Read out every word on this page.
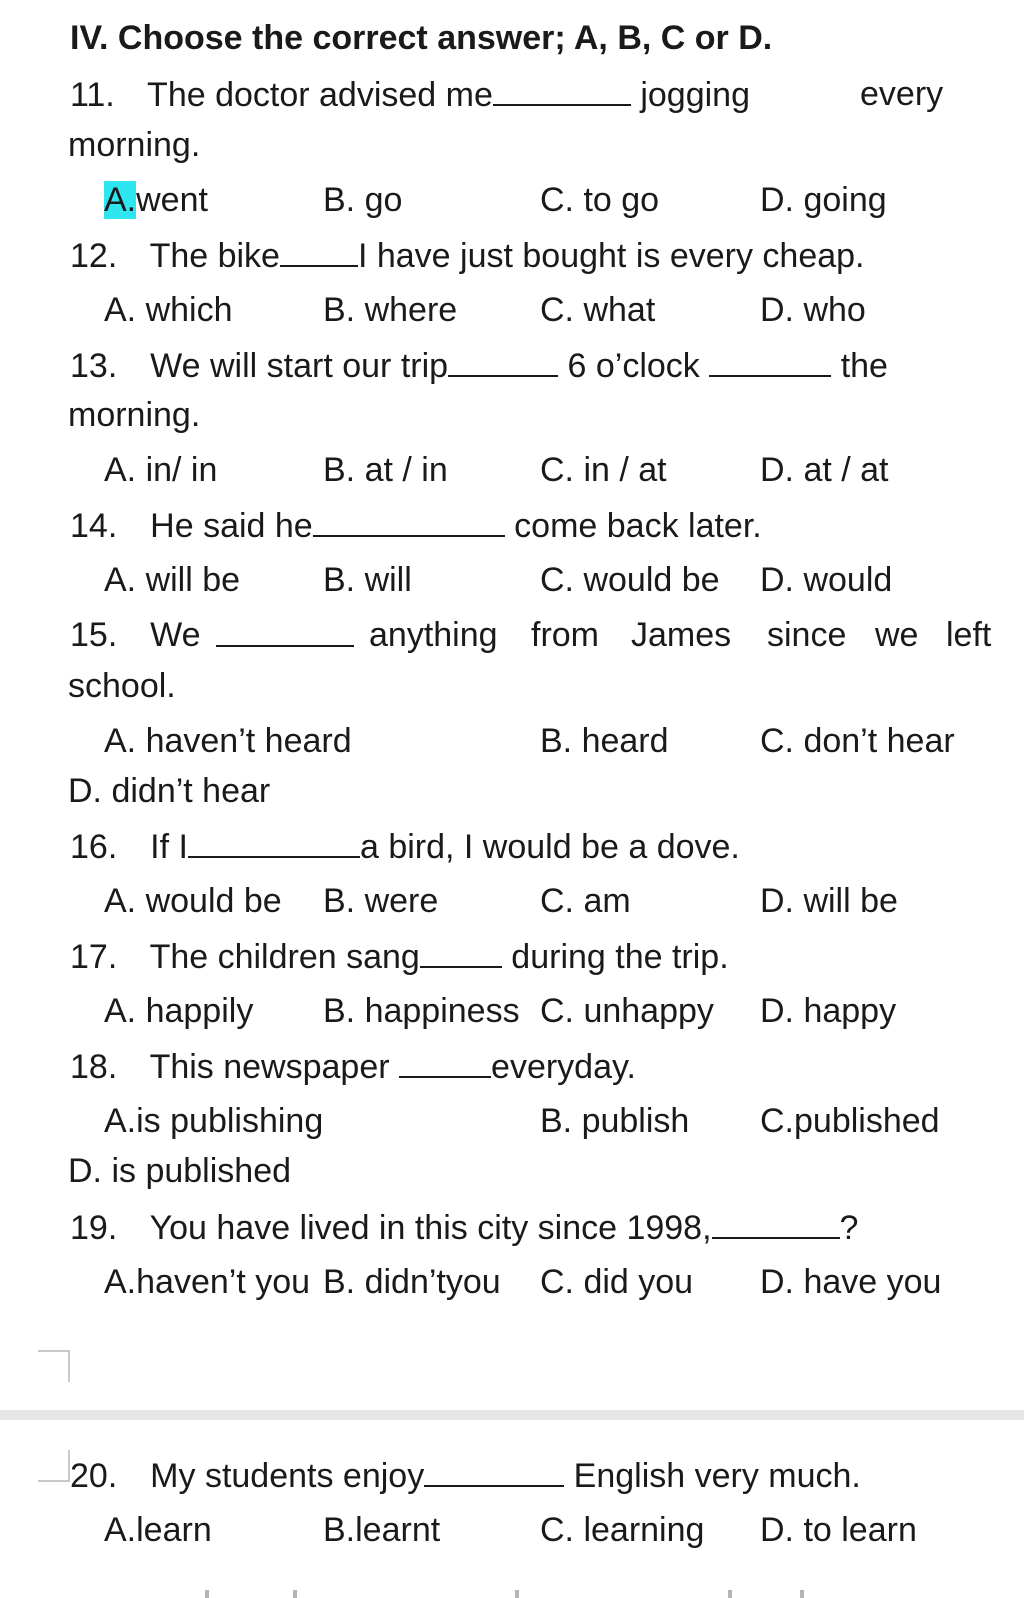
IV. Choose the correct answer; A, B, C or D.
11. The doctor advised me	jogging	every
morning.
A.went	B. go	C. to go	D. going
12. The bike I have just bought is every cheap.
A. which	B. where C. what	D. who
13. We will start our trip	6 o’clock	the
morning.
A. in/ in	B. at / in	C. in / at	D. at / at
14. He said he	come back later.
A. will be B. will	C. would be D. would
15. We	anything from James since we left
school.
A. haven’t heard	B. heard	C. don’t hear
D. didn’t hear
16. If I	a bird, I would be a dove.
A. would be B. were	C. am	D. will be
17. The children sang	during the trip.
A. happily B. happiness C. unhappy D. happy
18. This newspaper	everyday.
A.is publishing	B. publish C.published
D. is published
19. You have lived in this city since 1998,	?
A.haven’t you B. didn’tyou C. did you D. have you
20. My students enjoy	English very much.
A.learn	B.learnt	C. learning D. to learn
